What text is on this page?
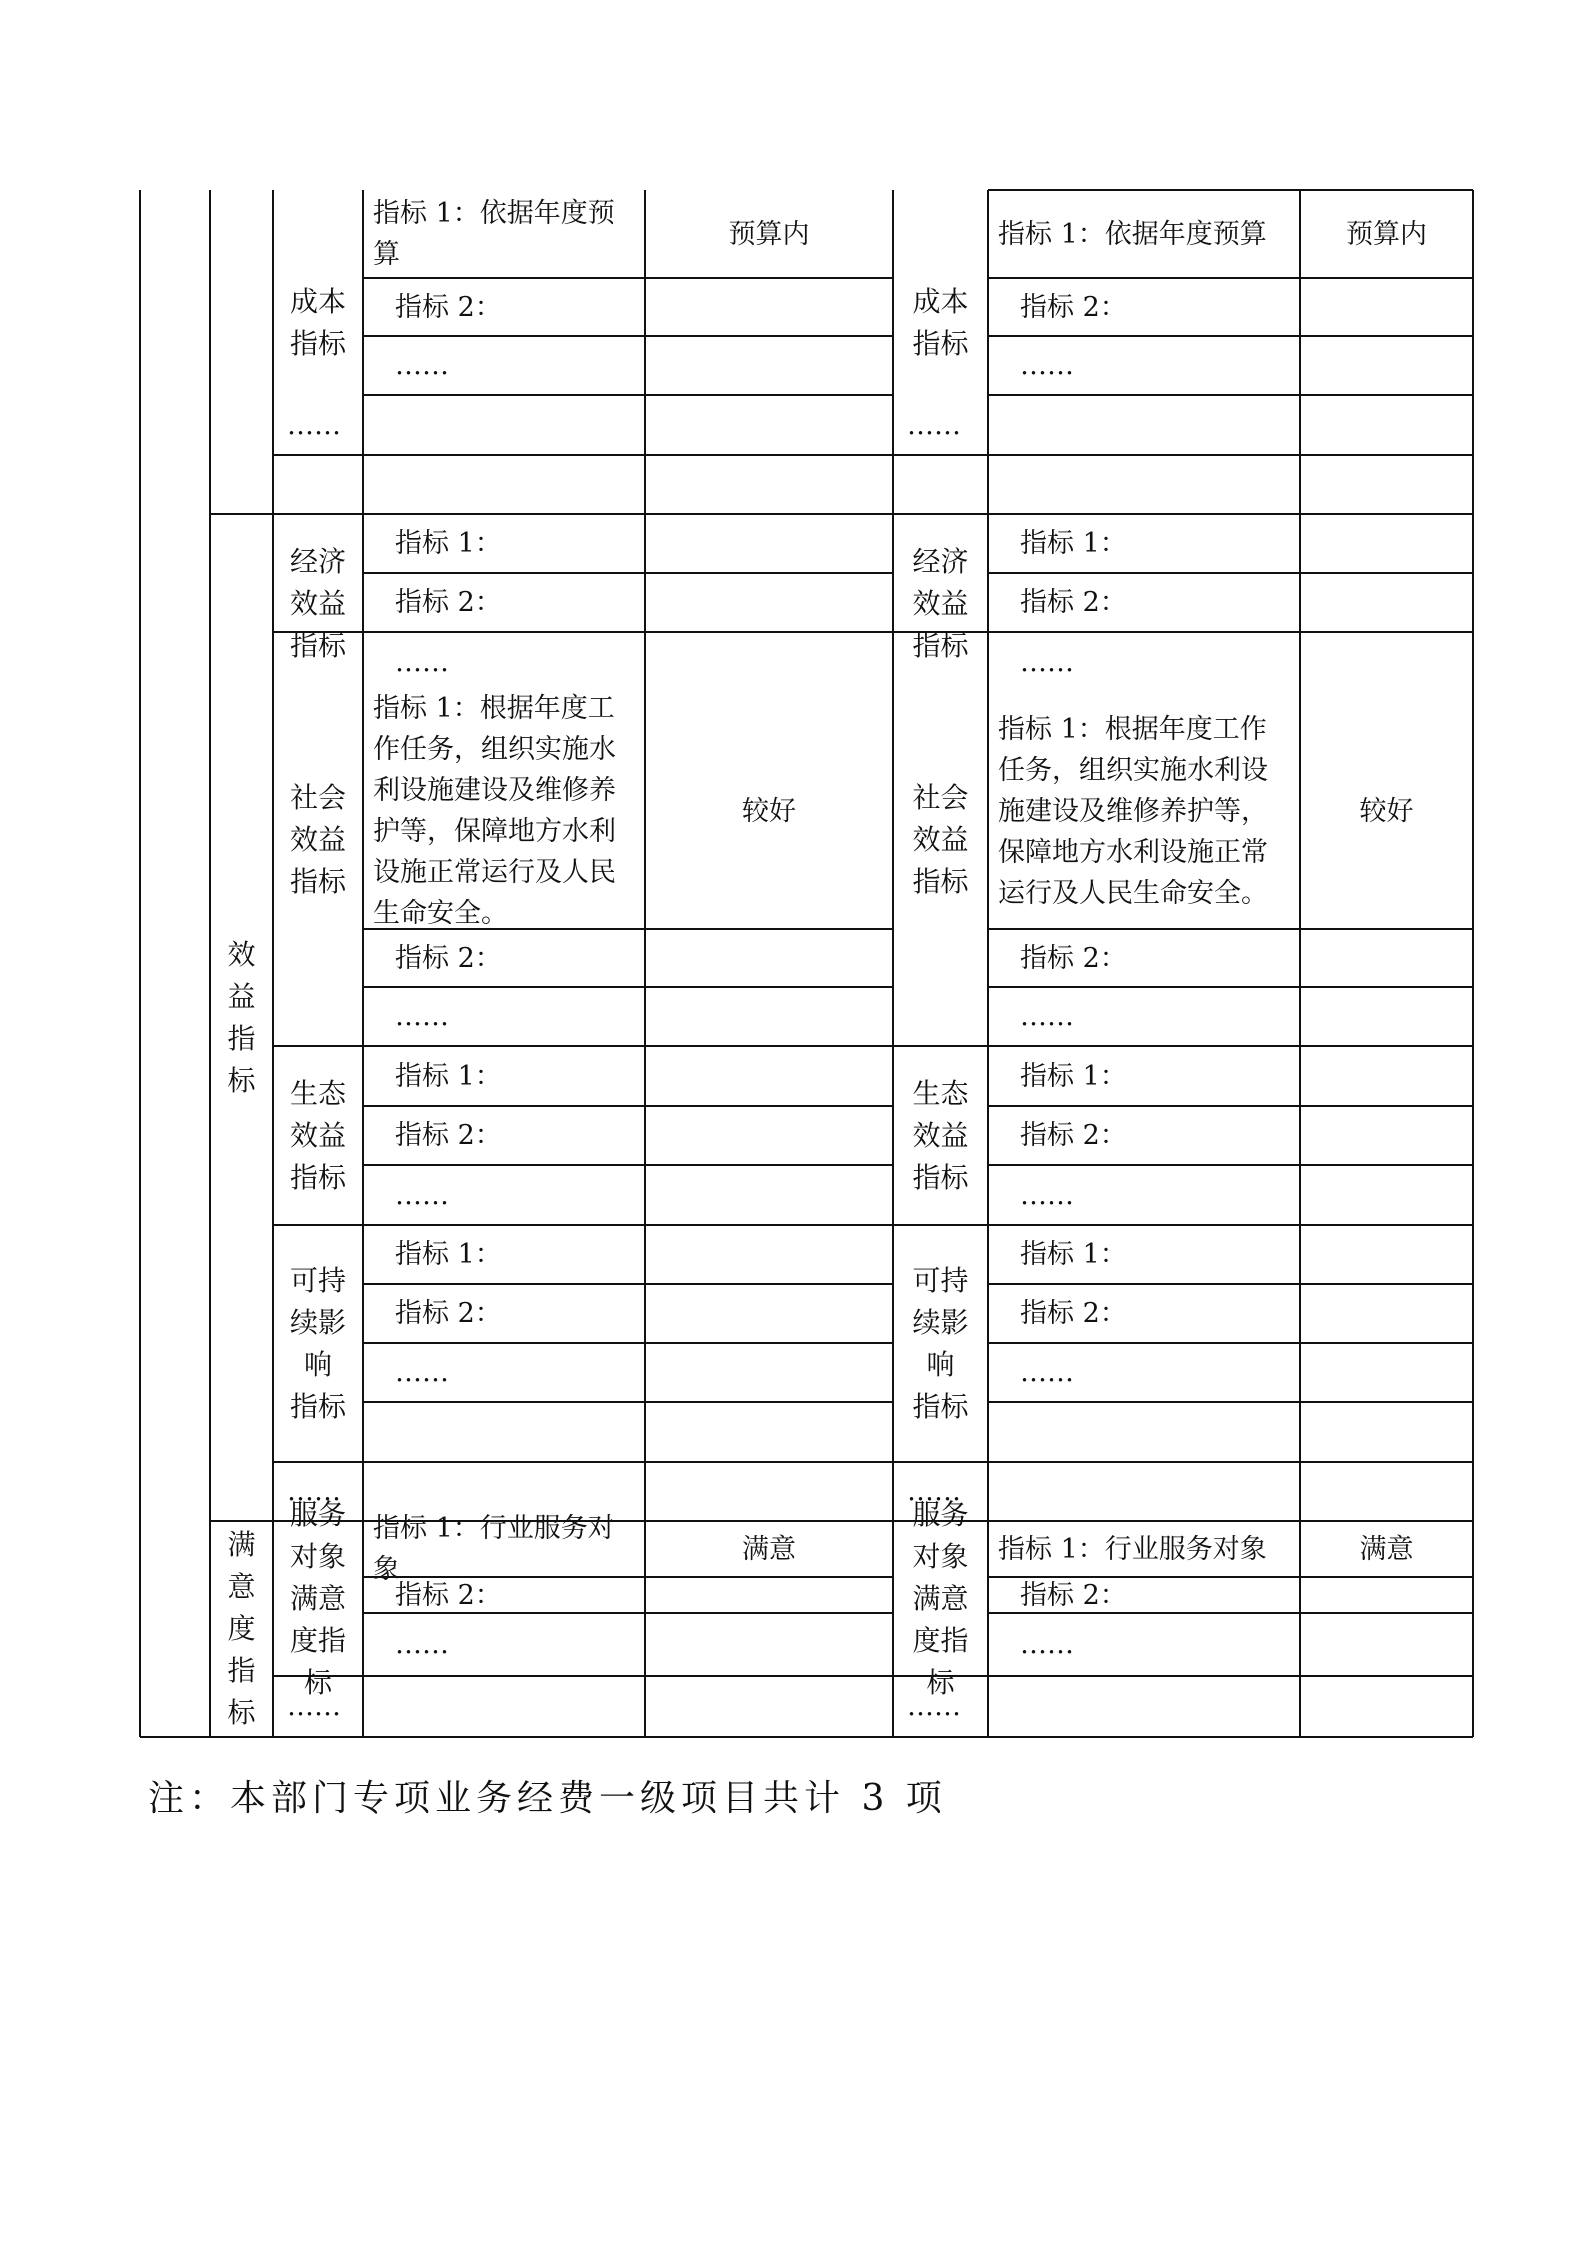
效
益
指
标
满
意
度
指
标
成本
指标
指标 1：依据年度预算
预算内
指标 2：
……
……
经济
效益
指标
指标 1：
指标 2：
……
社会
效益
指标
指标 1：根据年度工作任务，组织实施水利设施建设及维修养护等，保障地方水利设施正常运行及人民生命安全。
较好
指标 2：
……
生态
效益
指标
指标 1：
指标 2：
……
可持
续影
响
指标
指标 1：
指标 2：
……
……
服务
对象
满意
度指
标
指标 1：行业服务对象
满意
指标 2：
……
……
成本
指标
指标 1：依据年度预算	预算内
指标 2：
……
……
经济
效益
指标
指标 1：
指标 2：
……
社会
效益
指标
指标 1：根据年度工作任务，组织实施水利设施建设及维修养护等，保障地方水利设施正常运行及人民生命安全。
较好
指标 2：
……
生态
效益
指标
指标 1：
指标 2：
……
可持
续影
响
指标
指标 1：
指标 2：
……
……
服务
对象
满意
度指
标
指标 1：行业服务对象	满意
指标 2：
……
……
注：本部门专项业务经费一级项目共计 3 项
